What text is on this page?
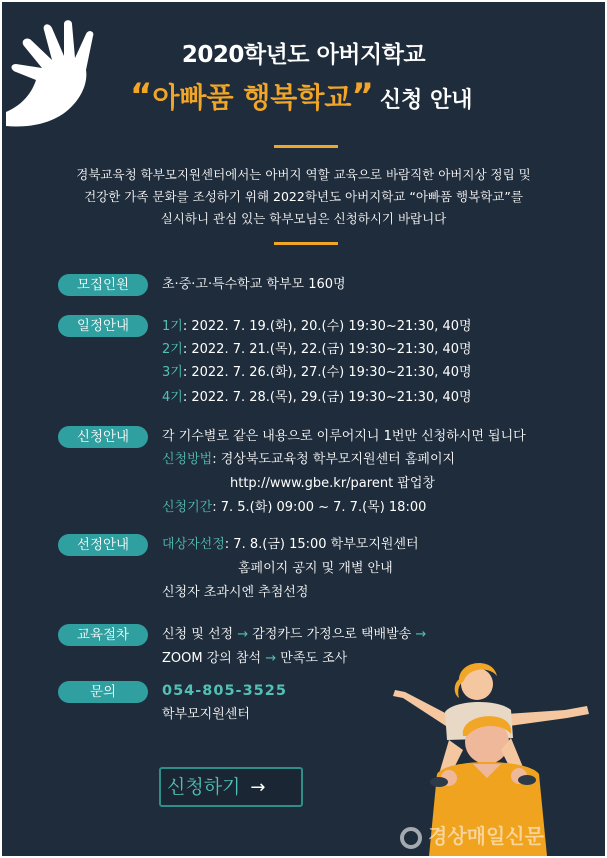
2020학년도 아버지학교
“아빠품 행복학교” 신청 안내
경북교육청 학부모지원센터에서는 아버지 역할 교육으로 바람직한 아버지상 정립 및
건강한 가족 문화를 조성하기 위해 2022학년도 아버지학교 “아빠품 행복학교”를
실시하니 관심 있는 학부모님은 신청하시기 바랍니다
모집인원	초·중·고·특수학교 학부모 160명
일정안내	1기: 2022. 7. 19.(화), 20.(수) 19:30~21:30, 40명
2기: 2022. 7. 21.(목), 22.(금) 19:30~21:30, 40명
3기: 2022. 7. 26.(화), 27.(수) 19:30~21:30, 40명
4기: 2022. 7. 28.(목), 29.(금) 19:30~21:30, 40명
신청안내	각 기수별로 같은 내용으로 이루어지니 1번만 신청하시면 됩니다
신청방법: 경상북도교육청 학부모지원센터 홈페이지
http://www.gbe.kr/parent 팝업창
신청기간: 7. 5.(화) 09:00 ~ 7. 7.(목) 18:00
선정안내	대상자선정: 7. 8.(금) 15:00 학부모지원센터
홈페이지 공지 및 개별 안내
신청자 초과시엔 추첨선정
교육절차	신청 및 선정 → 감정카드 가정으로 택배발송 →
ZOOM 강의 참석 → 만족도 조사
문의	054-805-3525
학부모지원센터
신청하기 →
경상매일신문
